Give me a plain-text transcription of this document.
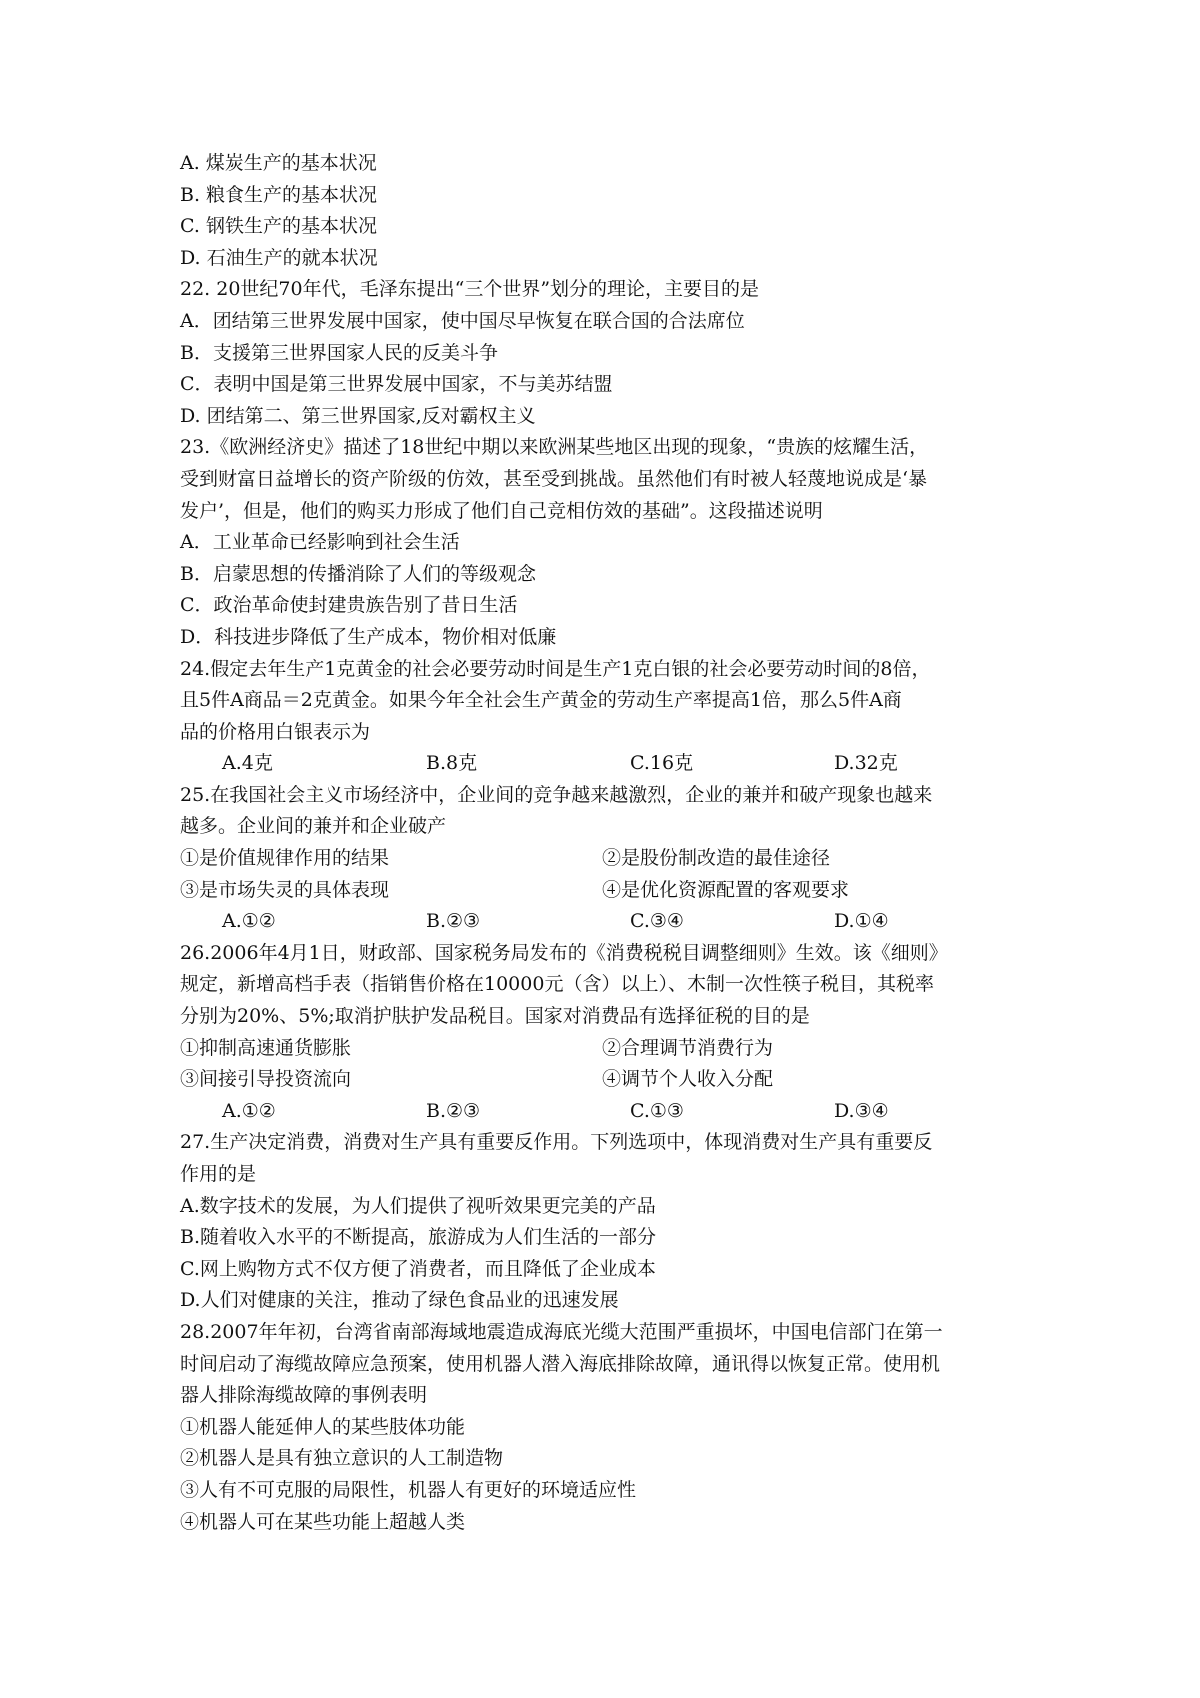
A. 煤炭生产的基本状况
B. 粮食生产的基本状况
C. 钢铁生产的基本状况
D. 石油生产的就本状况
22. 20世纪70年代，毛泽东提出“三个世界”划分的理论，主要目的是
A．团结第三世界发展中国家，使中国尽早恢复在联合国的合法席位
B．支援第三世界国家人民的反美斗争
C．表明中国是第三世界发展中国家，不与美苏结盟
D. 团结第二、第三世界国家,反对霸权主义
23.《欧洲经济史》描述了18世纪中期以来欧洲某些地区出现的现象，“贵族的炫耀生活，
受到财富日益增长的资产阶级的仿效，甚至受到挑战。虽然他们有时被人轻蔑地说成是‘暴
发户’，但是，他们的购买力形成了他们自己竞相仿效的基础”。这段描述说明
A．工业革命已经影响到社会生活
B．启蒙思想的传播消除了人们的等级观念
C．政治革命使封建贵族告别了昔日生活
D．科技进步降低了生产成本，物价相对低廉
24.假定去年生产1克黄金的社会必要劳动时间是生产1克白银的社会必要劳动时间的8倍，
且5件A商品＝2克黄金。如果今年全社会生产黄金的劳动生产率提高1倍，那么5件A商
品的价格用白银表示为
A.4克	B.8克	C.16克	D.32克
25.在我国社会主义市场经济中，企业间的竞争越来越激烈，企业的兼并和破产现象也越来
越多。企业间的兼并和企业破产
①是价值规律作用的结果	②是股份制改造的最佳途径
③是市场失灵的具体表现	④是优化资源配置的客观要求
A.①②	B.②③	C.③④	D.①④
26.2006年4月1日，财政部、国家税务局发布的《消费税税目调整细则》生效。该《细则》
规定，新增高档手表（指销售价格在10000元（含）以上）、木制一次性筷子税目，其税率
分别为20%、5%;取消护肤护发品税目。国家对消费品有选择征税的目的是
①抑制高速通货膨胀	②合理调节消费行为
③间接引导投资流向	④调节个人收入分配
A.①②	B.②③	C.①③	D.③④
27.生产决定消费，消费对生产具有重要反作用。下列选项中，体现消费对生产具有重要反
作用的是
A.数字技术的发展，为人们提供了视听效果更完美的产品
B.随着收入水平的不断提高，旅游成为人们生活的一部分
C.网上购物方式不仅方便了消费者，而且降低了企业成本
D.人们对健康的关注，推动了绿色食品业的迅速发展
28.2007年年初，台湾省南部海域地震造成海底光缆大范围严重损坏，中国电信部门在第一
时间启动了海缆故障应急预案，使用机器人潜入海底排除故障，通讯得以恢复正常。使用机
器人排除海缆故障的事例表明
①机器人能延伸人的某些肢体功能
②机器人是具有独立意识的人工制造物
③人有不可克服的局限性，机器人有更好的环境适应性
④机器人可在某些功能上超越人类
